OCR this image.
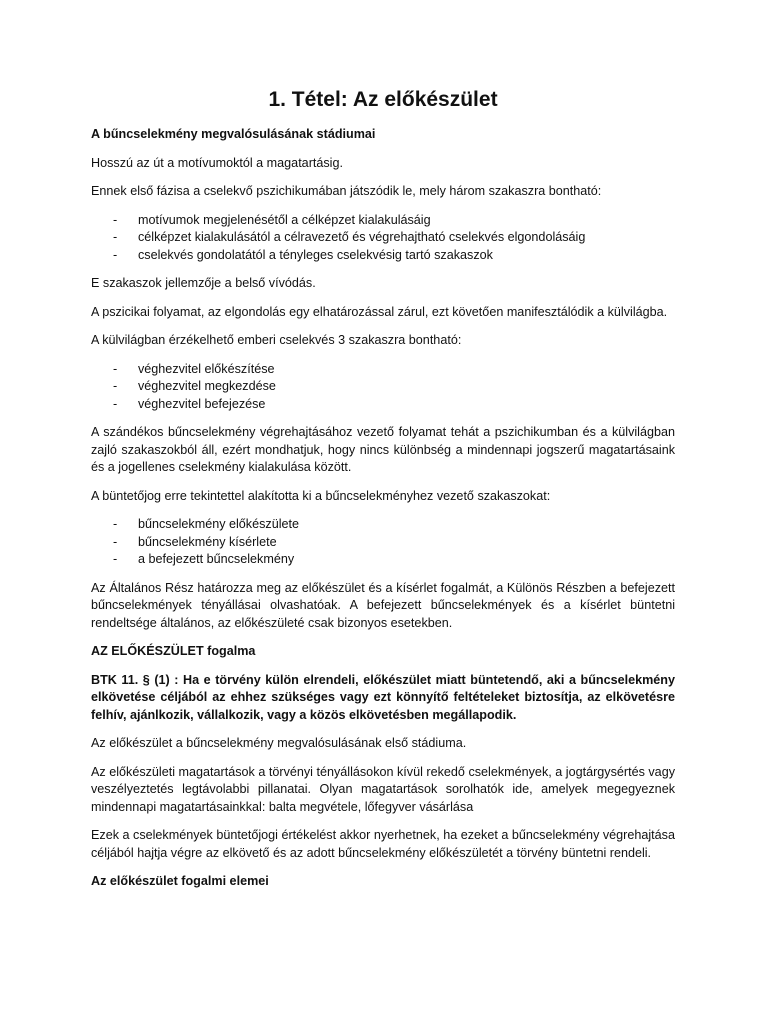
1. Tétel: Az előkészület

A bűncselekmény megvalósulásának stádiumai

Hosszú az út a motívumoktól a magatartásig.

Ennek első fázisa a cselekvő pszichikumában játszódik le, mely három szakaszra bontható:

- motívumok megjelenésétől a célképzet kialakulásáig
- célképzet kialakulásától a célravezető és végrehajtható cselekvés elgondolásáig
- cselekvés gondolatától a tényleges cselekvésig tartó szakaszok

E szakaszok jellemzője a belső vívódás.

A pszicikai folyamat, az elgondolás egy elhatározással zárul, ezt követően manifesztálódik a külvilágba.

A külvilágban érzékelhető emberi cselekvés 3 szakaszra bontható:

- véghezvitel előkészítése
- véghezvitel megkezdése
- véghezvitel befejezése

A szándékos bűncselekmény végrehajtásához vezető folyamat tehát a pszichikumban és a külvilágban zajló szakaszokból áll, ezért mondhatjuk, hogy nincs különbség a mindennapi jogszerű magatartásaink és a jogellenes cselekmény kialakulása között.

A büntetőjog erre tekintettel alakította ki a bűncselekményhez vezető szakaszokat:

- bűncselekmény előkészülete
- bűncselekmény kísérlete
- a befejezett bűncselekmény

Az Általános Rész határozza meg az előkészület és a kísérlet fogalmát, a Különös Részben a befejezett bűncselekmények tényállásai olvashatóak. A befejezett bűncselekmények és a kísérlet büntetni rendeltsége általános, az előkészületé csak bizonyos esetekben.

AZ ELŐKÉSZÜLET fogalma

BTK 11. § (1) : Ha e törvény külön elrendeli, előkészület miatt büntetendő, aki a bűncselekmény elkövetése céljából az ehhez szükséges vagy ezt könnyítő feltételeket biztosítja, az elkövetésre felhív, ajánlkozik, vállalkozik, vagy a közös elkövetésben megállapodik.

Az előkészület a bűncselekmény megvalósulásának első stádiuma.

Az előkészületi magatartások a törvényi tényállásokon kívül rekedő cselekmények, a jogtárgysértés vagy veszélyeztetés legtávolabbi pillanatai. Olyan magatartások sorolhatók ide, amelyek megegyeznek mindennapi magatartásainkkal: balta megvétele, lőfegyver vásárlása

Ezek a cselekmények büntetőjogi értékelést akkor nyerhetnek, ha ezeket a bűncselekmény végrehajtása céljából hajtja végre az elkövető és az adott bűncselekmény előkészületét a törvény büntetni rendeli.

Az előkészület fogalmi elemei
